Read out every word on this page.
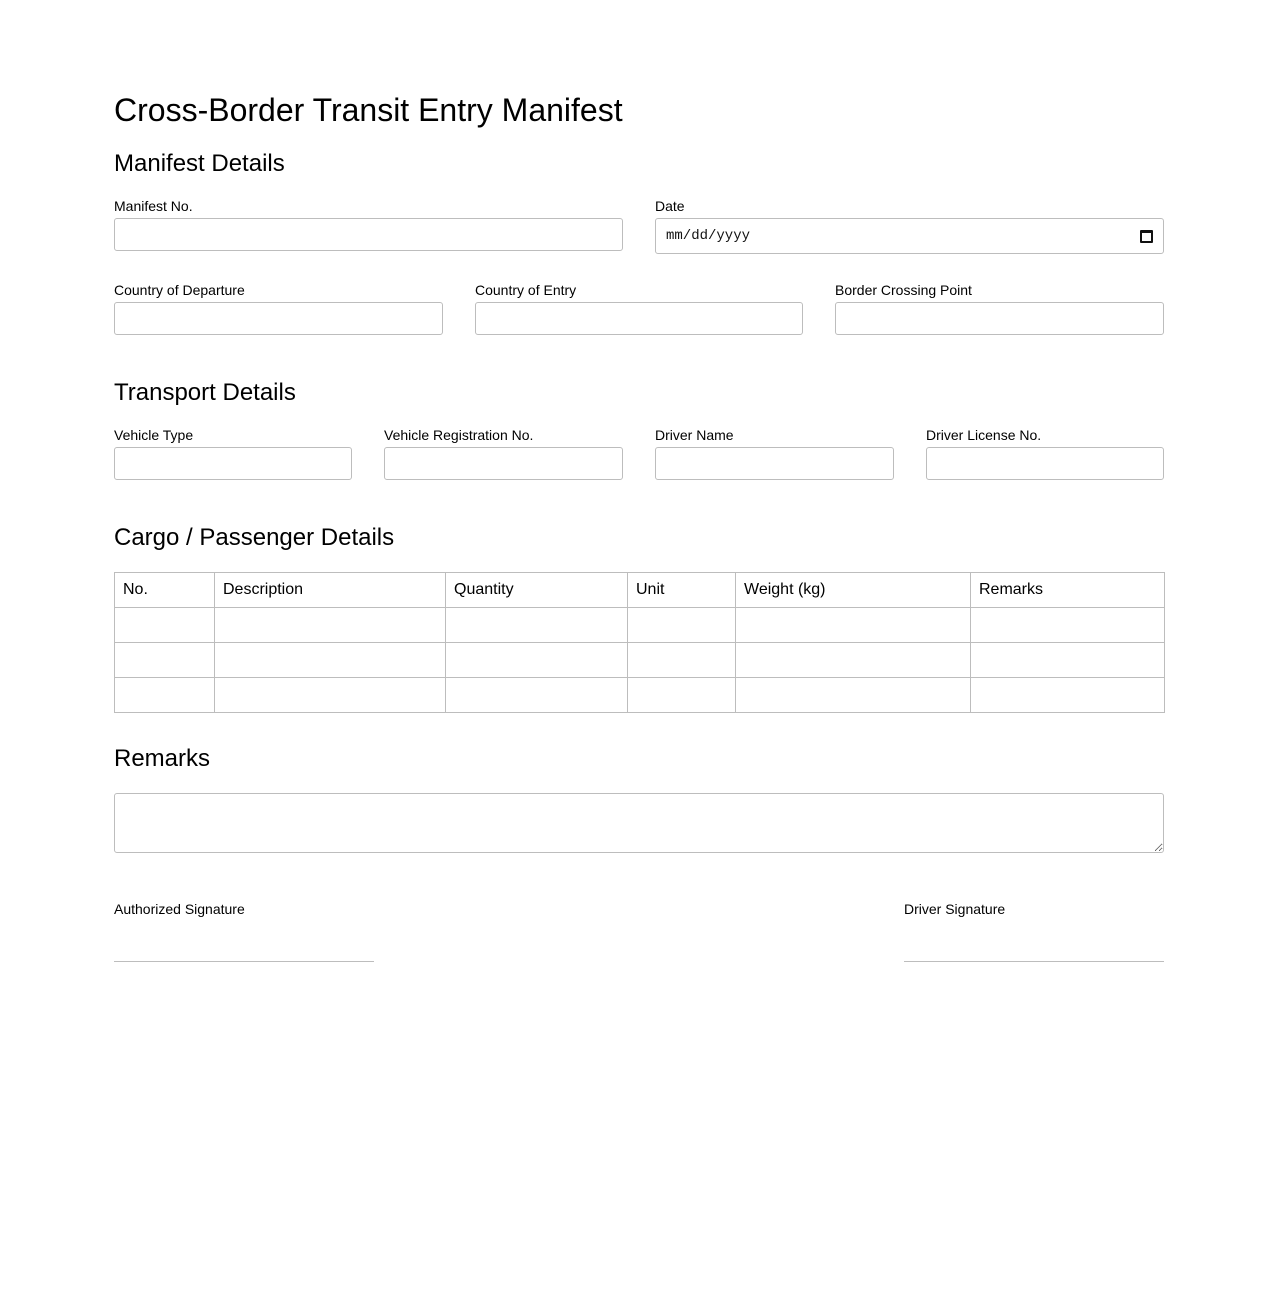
Cross-Border Transit Entry Manifest
Manifest Details
Manifest No.	Date
mm/dd/yyyy
Country of Departure	Country of Entry	Border Crossing Point
Transport Details
Vehicle Type	Vehicle Registration No.	Driver Name	Driver License No.
Cargo / Passenger Details
No.	Description	Quantity	Unit	Weight (kg)	Remarks

Remarks
Authorized Signature	Driver Signature
